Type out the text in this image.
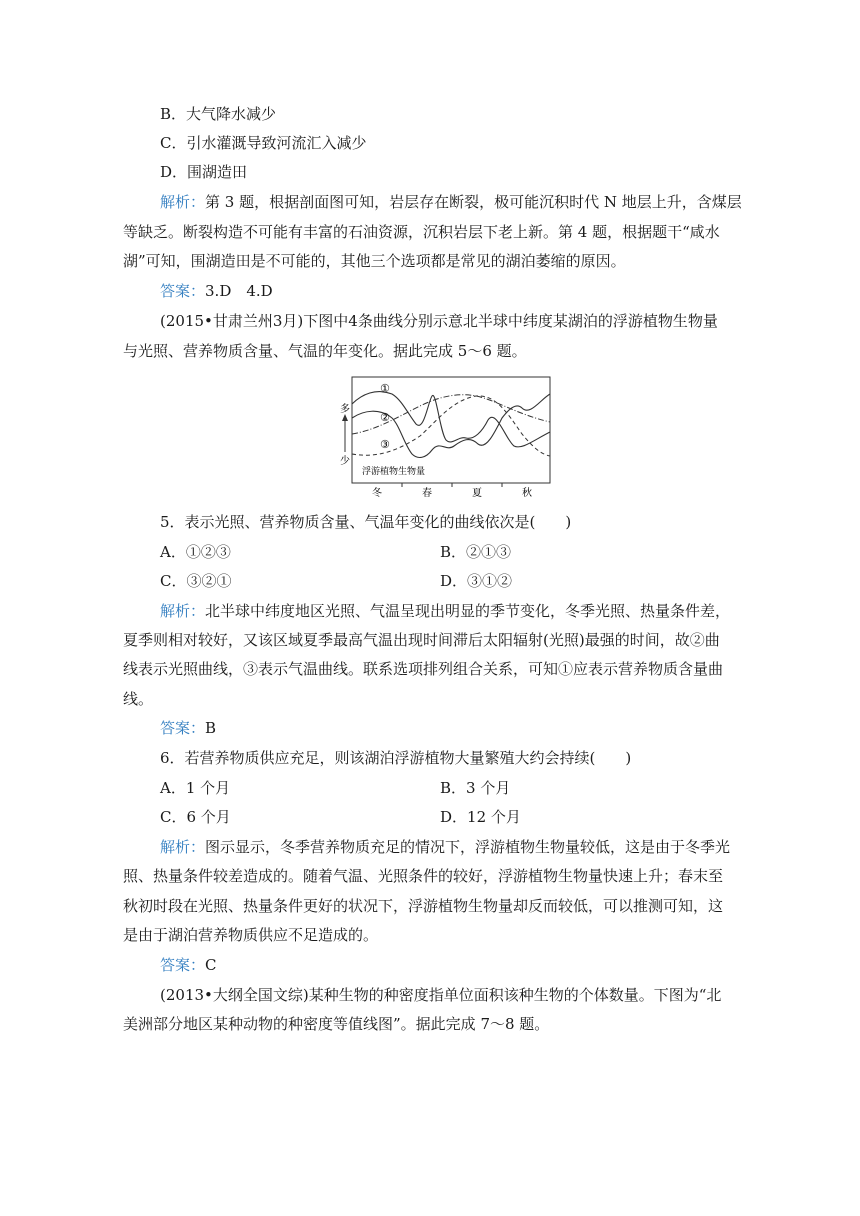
B．大气降水减少
C．引水灌溉导致河流汇入减少
D．围湖造田
解析：第 3 题，根据剖面图可知，岩层存在断裂，极可能沉积时代 N 地层上升，含煤层
等缺乏。断裂构造不可能有丰富的石油资源，沉积岩层下老上新。第 4 题，根据题干“咸水
湖”可知，围湖造田是不可能的，其他三个选项都是常见的湖泊萎缩的原因。
答案：3.D　4.D
(2015•甘肃兰州3月)下图中4条曲线分别示意北半球中纬度某湖泊的浮游植物生物量
与光照、营养物质含量、气温的年变化。据此完成 5～6 题。
多
少
①
②
③
浮游植物生物量
冬	春	夏	秋
5．表示光照、营养物质含量、气温年变化的曲线依次是(　　)
A．①②③	B．②①③
C．③②①	D．③①②
解析：北半球中纬度地区光照、气温呈现出明显的季节变化，冬季光照、热量条件差，
夏季则相对较好，又该区域夏季最高气温出现时间滞后太阳辐射(光照)最强的时间，故②曲
线表示光照曲线，③表示气温曲线。联系选项排列组合关系，可知①应表示营养物质含量曲
线。
答案：B
6．若营养物质供应充足，则该湖泊浮游植物大量繁殖大约会持续(　　)
A．1 个月	B．3 个月
C．6 个月	D．12 个月
解析：图示显示，冬季营养物质充足的情况下，浮游植物生物量较低，这是由于冬季光
照、热量条件较差造成的。随着气温、光照条件的较好，浮游植物生物量快速上升；春末至
秋初时段在光照、热量条件更好的状况下，浮游植物生物量却反而较低，可以推测可知，这
是由于湖泊营养物质供应不足造成的。
答案：C
(2013•大纲全国文综)某种生物的种密度指单位面积该种生物的个体数量。下图为“北
美洲部分地区某种动物的种密度等值线图”。据此完成 7～8 题。
